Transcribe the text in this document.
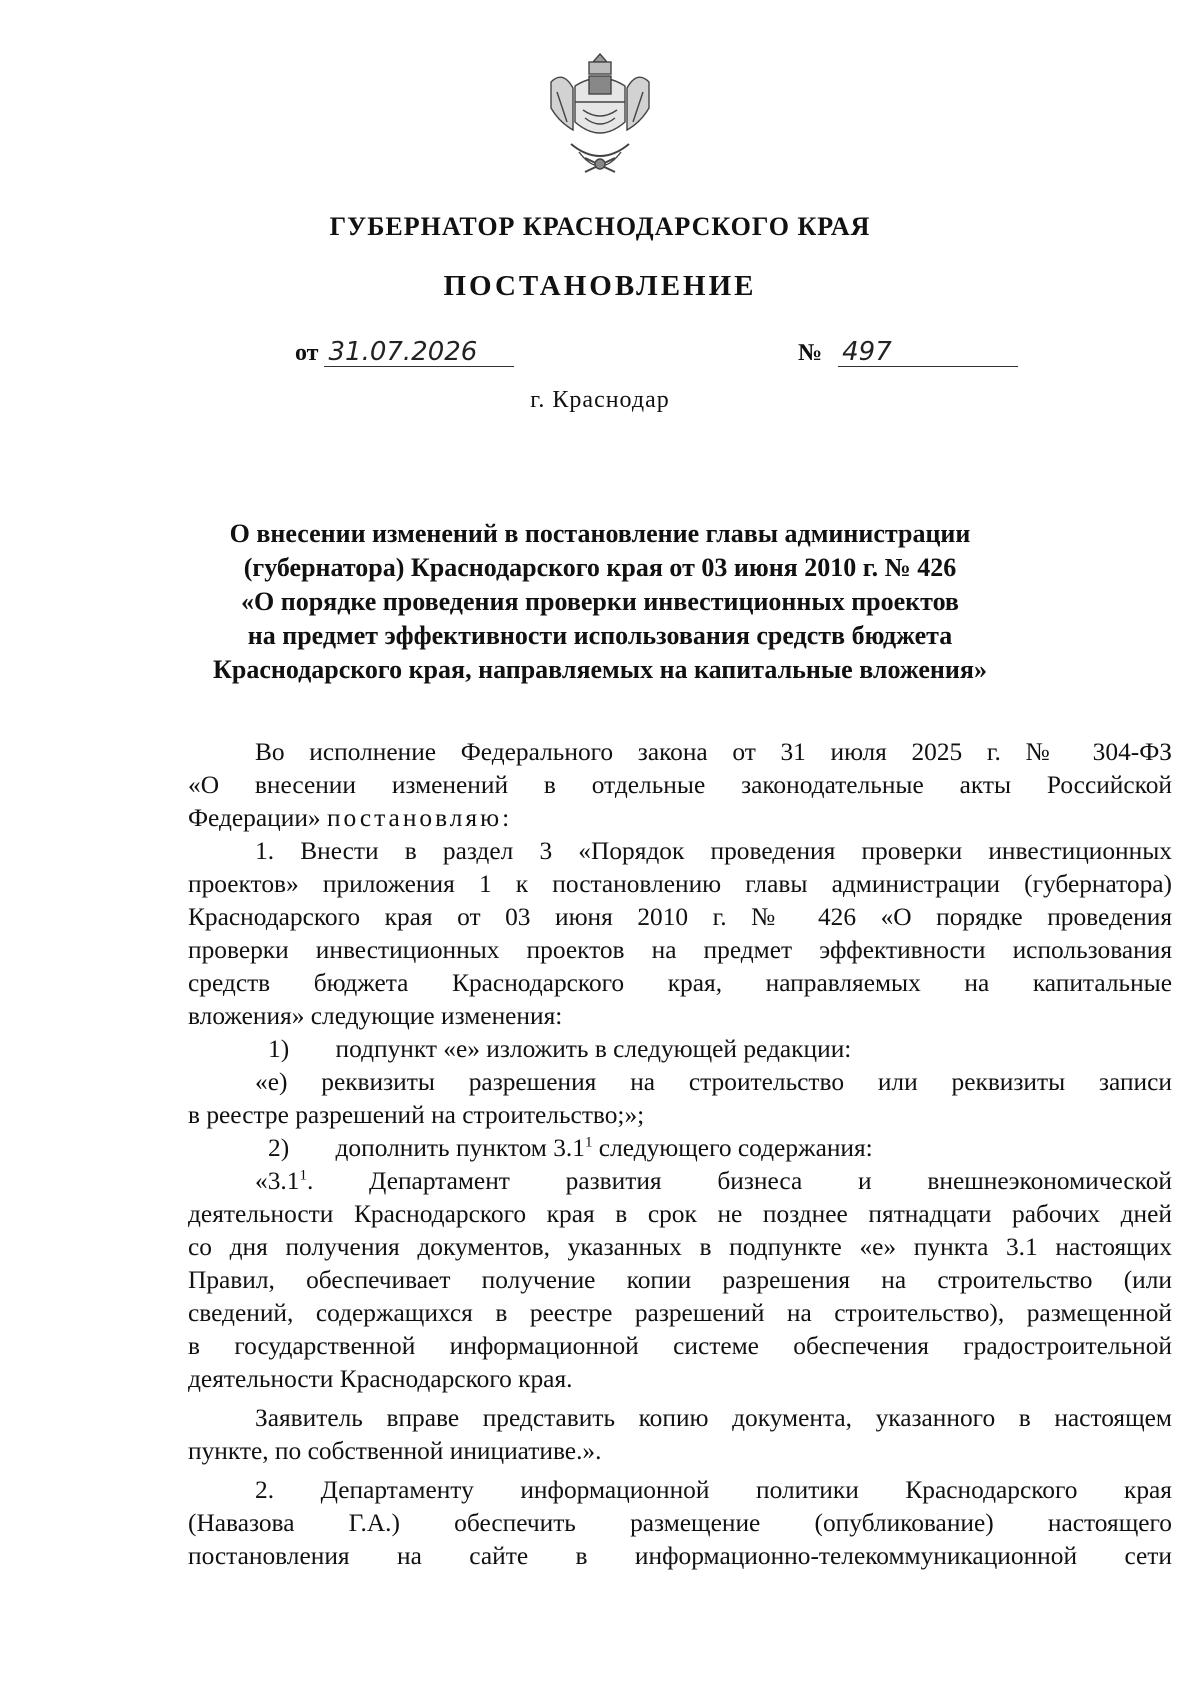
ГУБЕРНАТОР КРАСНОДАРСКОГО КРАЯ
ПОСТАНОВЛЕНИЕ
от 31.07.2026	№ 497
г. Краснодар
О внесении изменений в постановление главы администрации
(губернатора) Краснодарского края от 03 июня 2010 г. № 426
«О порядке проведения проверки инвестиционных проектов
на предмет эффективности использования средств бюджета
Краснодарского края, направляемых на капитальные вложения»
Во исполнение Федерального закона от 31 июля 2025 г. № 304-ФЗ
«О внесении изменений в отдельные законодательные акты Российской
Федерации» постановляю:
1. Внести в раздел 3 «Порядок проведения проверки инвестиционных
проектов» приложения 1 к постановлению главы администрации (губернатора)
Краснодарского края от 03 июня 2010 г. № 426 «О порядке проведения
проверки инвестиционных проектов на предмет эффективности использования
средств бюджета Краснодарского края, направляемых на капитальные
вложения» следующие изменения:
1) подпункт «е» изложить в следующей редакции:
«е) реквизиты разрешения на строительство или реквизиты записи
в реестре разрешений на строительство;»;
2) дополнить пунктом $3.1^1$ следующего содержания:
«$3.1^1$. Департамент развития бизнеса и внешнеэкономической
деятельности Краснодарского края в срок не позднее пятнадцати рабочих дней
со дня получения документов, указанных в подпункте «е» пункта 3.1 настоящих
Правил, обеспечивает получение копии разрешения на строительство (или
сведений, содержащихся в реестре разрешений на строительство), размещенной
в государственной информационной системе обеспечения градостроительной
деятельности Краснодарского края.
Заявитель вправе представить копию документа, указанного в настоящем
пункте, по собственной инициативе.».
2. Департаменту информационной политики Краснодарского края
(Навазова Г.А.) обеспечить размещение (опубликование) настоящего
постановления на сайте в информационно-телекоммуникационной сети
